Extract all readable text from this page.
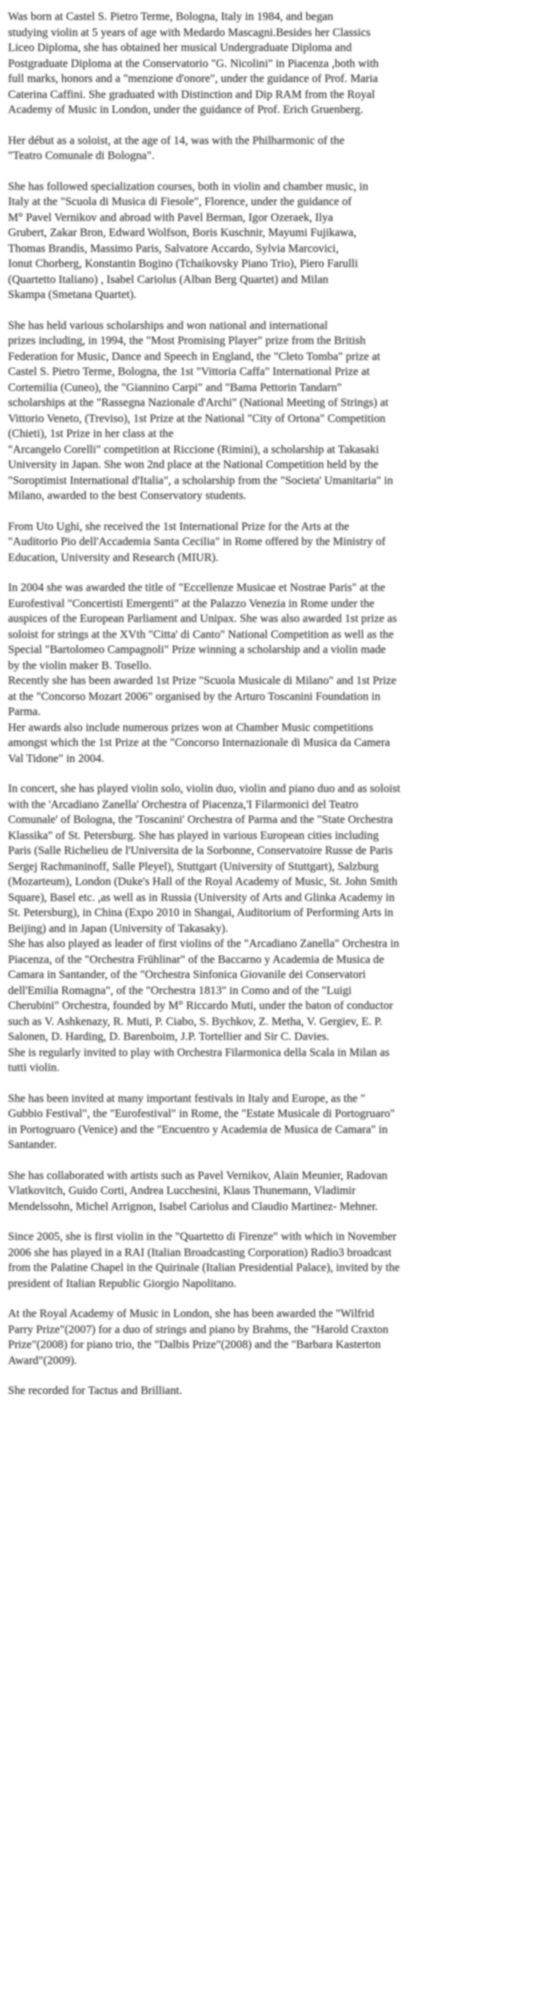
Was born at Castel S. Pietro Terme, Bologna, Italy in 1984, and began
studying violin at 5 years of age with Medardo Mascagni.Besides her Classics
Liceo Diploma, she has obtained her musical Undergraduate Diploma and
Postgraduate Diploma at the Conservatorio "G. Nicolini" in Piacenza ,both with
full marks, honors and a "menzione d'onore", under the guidance of Prof. Maria
Caterina Caffini. She graduated with Distinction and Dip RAM from the Royal
Academy of Music in London, under the guidance of Prof. Erich Gruenberg.

Her début as a soloist, at the age of 14, was with the Philharmonic of the
"Teatro Comunale di Bologna".

She has followed specialization courses, both in violin and chamber music, in
Italy at the "Scuola di Musica di Fiesole", Florence, under the guidance of
M° Pavel Vernikov and abroad with Pavel Berman, Igor Ozeraek, Ilya
Grubert, Zakar Bron, Edward Wolfson, Boris Kuschnir, Mayumi Fujikawa,
Thomas Brandis, Massimo Paris, Salvatore Accardo, Sylvia Marcovici,
Ionut Chorberg, Konstantin Bogino (Tchaikovsky Piano Trio), Piero Farulli
(Quartetto Italiano) , Isabel Cariolus (Alban Berg Quartet) and Milan
Skampa (Smetana Quartet).

She has held various scholarships and won national and international
prizes including, in 1994, the "Most Promising Player" prize from the British
Federation for Music, Dance and Speech in England, the "Cleto Tomba" prize at
Castel S. Pietro Terme, Bologna, the 1st "Vittoria Caffa" International Prize at
Cortemilia (Cuneo), the "Giannino Carpi" and "Bama Pettorin Tandarn"
scholarships at the "Rassegna Nazionale d'Archi" (National Meeting of Strings) at
Vittorio Veneto, (Treviso), 1st Prize at the National "City of Ortona" Competition
(Chieti), 1st Prize in her class at the
"Arcangelo Corelli" competition at Riccione (Rimini), a scholarship at Takasaki
University in Japan. She won 2nd place at the National Competition held by the
"Soroptimist International d'Italia", a scholarship from the "Societa' Umanitaria" in
Milano, awarded to the best Conservatory students.

From Uto Ughi, she received the 1st International Prize for the Arts at the
"Auditorio Pio dell'Accademia Santa Cecilia" in Rome offered by the Ministry of
Education, University and Research (MIUR).

In 2004 she was awarded the title of "Eccellenze Musicae et Nostrae Paris" at the
Eurofestival "Concertisti Emergenti" at the Palazzo Venezia in Rome under the
auspices of the European Parliament and Unipax. She was also awarded 1st prize as
soloist for strings at the XVth "Citta' di Canto" National Competition as well as the
Special "Bartolomeo Campagnoli" Prize winning a scholarship and a violin made
by the violin maker B. Tosello.
Recently she has been awarded 1st Prize "Scuola Musicale di Milano" and 1st Prize
at the "Concorso Mozart 2006" organised by the Arturo Toscanini Foundation in
Parma.
Her awards also include numerous prizes won at Chamber Music competitions
amongst which the 1st Prize at the "Concorso Internazionale di Musica da Camera
Val Tidone" in 2004.

In concert, she has played violin solo, violin duo, violin and piano duo and as soloist
with the 'Arcadiano Zanella' Orchestra of Piacenza,'I Filarmonici del Teatro
Comunale' of Bologna, the 'Toscanini' Orchestra of Parma and the "State Orchestra
Klassika" of St. Petersburg. She has played in various European cities including
Paris (Salle Richelieu de l'Universita de la Sorbonne, Conservatoire Russe de Paris
Sergej Rachmaninoff, Salle Pleyel), Stuttgart (University of Stuttgart), Salzburg
(Mozarteum), London (Duke's Hall of the Royal Academy of Music, St. John Smith
Square), Basel etc. ,as well as in Russia (University of Arts and Glinka Academy in
St. Petersburg), in China (Expo 2010 in Shangai, Auditorium of Performing Arts in
Beijing) and in Japan (University of Takasaky).
She has also played as leader of first violins of the "Arcadiano Zanella" Orchestra in
Piacenza, of the "Orchestra Frühlinar" of the Baccarno y Academia de Musica de
Camara in Santander, of the "Orchestra Sinfonica Giovanile dei Conservatori
dell'Emilia Romagna", of the "Orchestra 1813" in Como and of the "Luigi
Cherubini" Orchestra, founded by M° Riccardo Muti, under the baton of conductor
such as V. Ashkenazy, R. Muti, P. Ciabo, S. Bychkov, Z. Metha, V. Gergiev, E. P.
Salonen, D. Harding, D. Barenboim, J.P. Tortellier and Sir C. Davies.
She is regularly invited to play with Orchestra Filarmonica della Scala in Milan as
tutti violin.

She has been invited at many important festivals in Italy and Europe, as the "
Gubbio Festival", the "Eurofestival" in Rome, the "Estate Musicale di Portogruaro"
in Portogruaro (Venice) and the "Encuentro y Academia de Musica de Camara" in
Santander.

She has collaborated with artists such as Pavel Vernikov, Alain Meunier, Radovan
Vlatkovitch, Guido Corti, Andrea Lucchesini, Klaus Thunemann, Vladimir
Mendelssohn, Michel Arrignon, Isabel Cariolus and Claudio Martinez- Mehner.

Since 2005, she is first violin in the "Quartetto di Firenze" with which in November
2006 she has played in a RAI (Italian Broadcasting Corporation) Radio3 broadcast
from the Palatine Chapel in the Quirinale (Italian Presidential Palace), invited by the
president of Italian Republic Giorgio Napolitano.

At the Royal Academy of Music in London, she has been awarded the "Wilfrid
Parry Prize"(2007) for a duo of strings and piano by Brahms, the "Harold Craxton
Prize"(2008) for piano trio, the "Dalbis Prize"(2008) and the "Barbara Kasterton
Award"(2009).

She recorded for Tactus and Brilliant.
